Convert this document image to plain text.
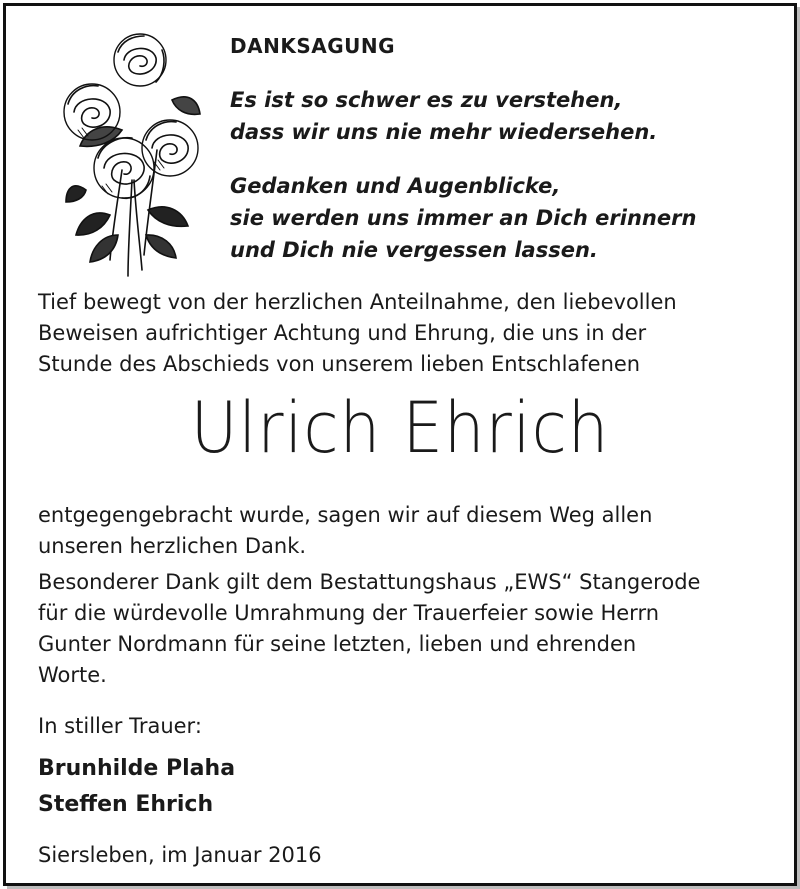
DANKSAGUNG

Es ist so schwer es zu verstehen,
dass wir uns nie mehr wiedersehen.

Gedanken und Augenblicke,
sie werden uns immer an Dich erinnern
und Dich nie vergessen lassen.

Tief bewegt von der herzlichen Anteilnahme, den liebevollen
Beweisen aufrichtiger Achtung und Ehrung, die uns in der
Stunde des Abschieds von unserem lieben Entschlafenen

Ulrich Ehrich

entgegengebracht wurde, sagen wir auf diesem Weg allen
unseren herzlichen Dank.

Besonderer Dank gilt dem Bestattungshaus „EWS“ Stangerode
für die würdevolle Umrahmung der Trauerfeier sowie Herrn
Gunter Nordmann für seine letzten, lieben und ehrenden
Worte.

In stiller Trauer:

Brunhilde Plaha
Steffen Ehrich

Siersleben, im Januar 2016
